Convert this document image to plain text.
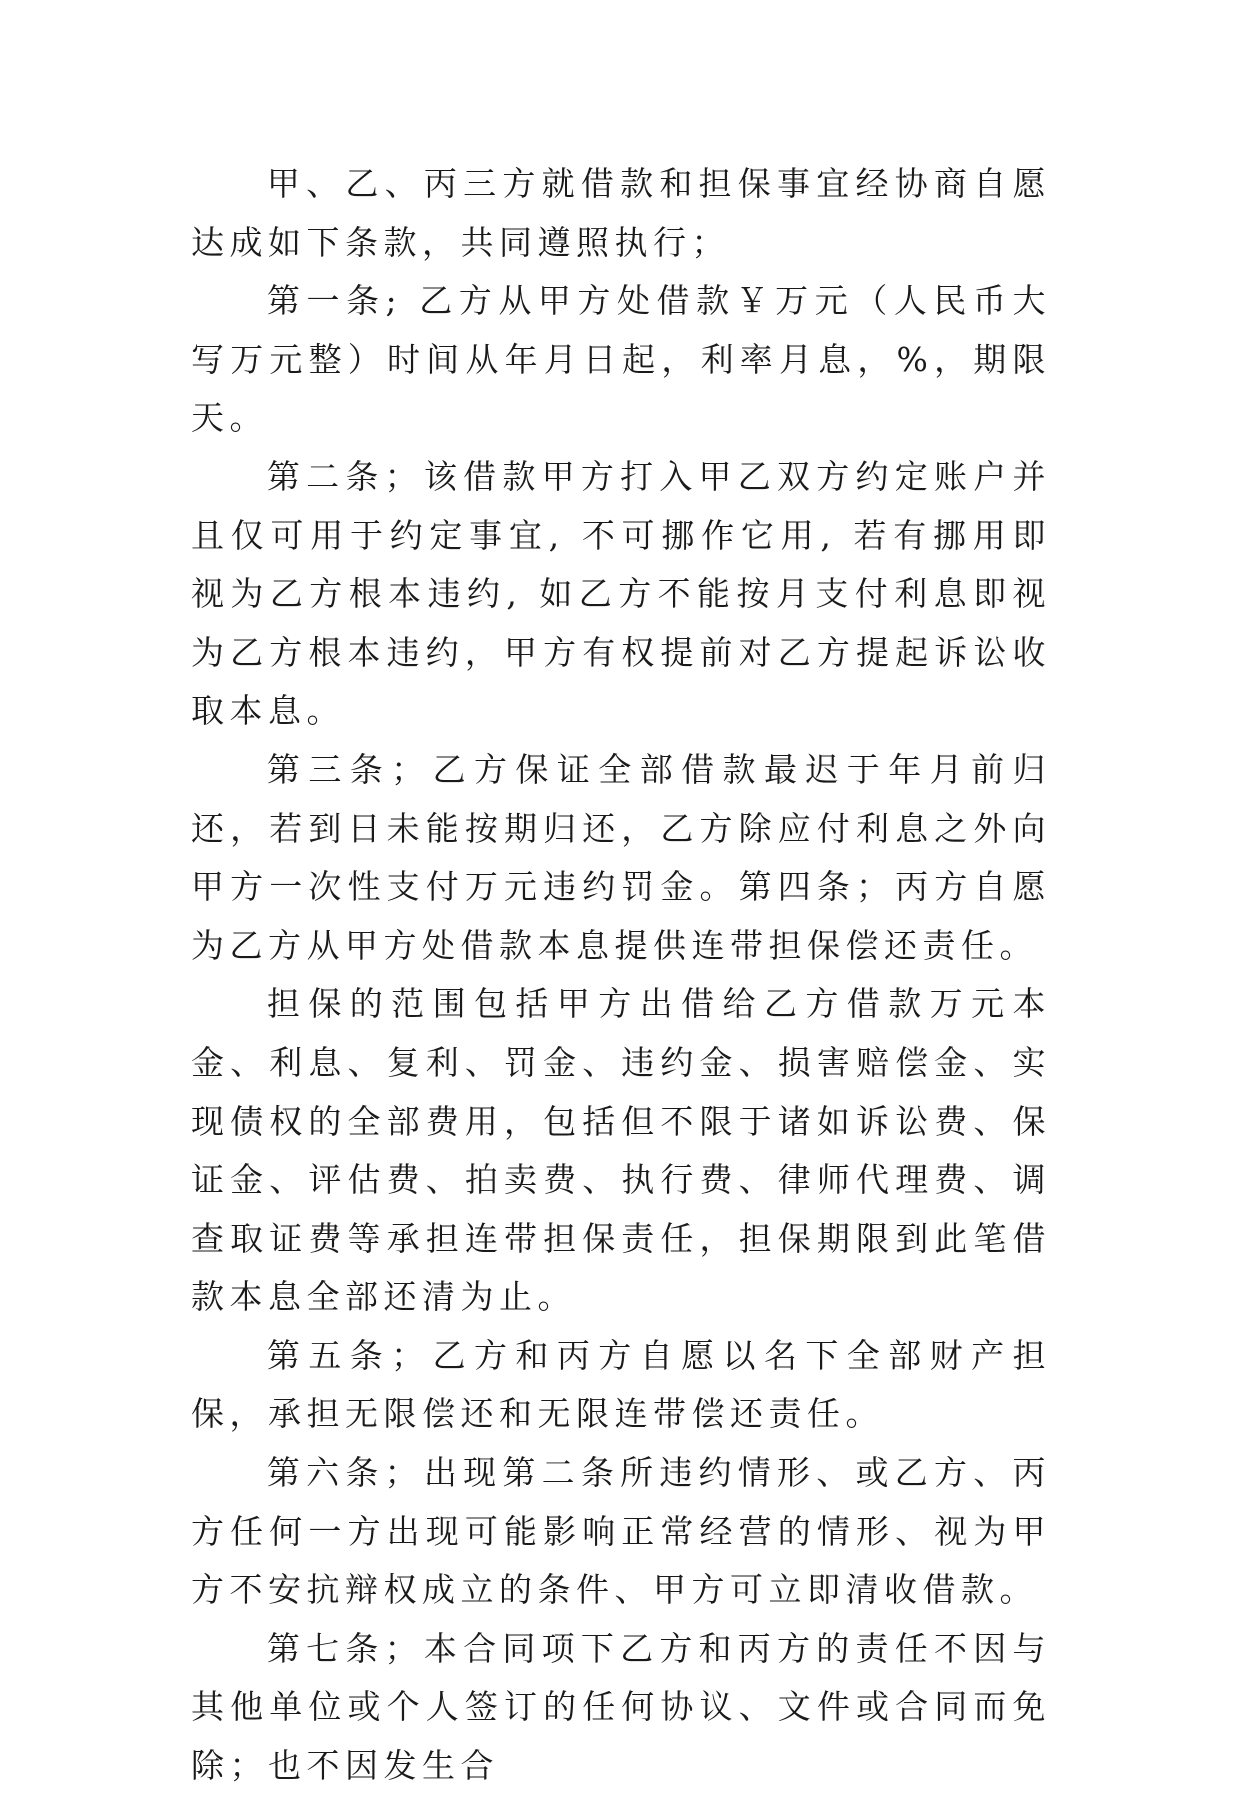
甲、乙、丙三方就借款和担保事宜经协商自愿达成如下条款，共同遵照执行；

第一条; 乙方从甲方处借款￥万元（人民币大写万元整）时间从年月日起，利率月息，%，期限天。

第二条；该借款甲方打入甲乙双方约定账户并且仅可用于约定事宜, 不可挪作它用, 若有挪用即视为乙方根本违约, 如乙方不能按月支付利息即视为乙方根本违约，甲方有权提前对乙方提起诉讼收取本息。

第三条；乙方保证全部借款最迟于年月前归还，若到日未能按期归还，乙方除应付利息之外向甲方一次性支付万元违约罚金。第四条；丙方自愿为乙方从甲方处借款本息提供连带担保偿还责任。

担保的范围包括甲方出借给乙方借款万元本金、利息、复利、罚金、违约金、损害赔偿金、实现债权的全部费用，包括但不限于诸如诉讼费、保证金、评估费、拍卖费、执行费、律师代理费、调查取证费等承担连带担保责任，担保期限到此笔借款本息全部还清为止。

第五条；乙方和丙方自愿以名下全部财产担保，承担无限偿还和无限连带偿还责任。

第六条；出现第二条所违约情形、或乙方、丙方任何一方出现可能影响正常经营的情形、视为甲方不安抗辩权成立的条件、甲方可立即清收借款。

第七条；本合同项下乙方和丙方的责任不因与其他单位或个人签订的任何协议、文件或合同而免除；也不因发生合
